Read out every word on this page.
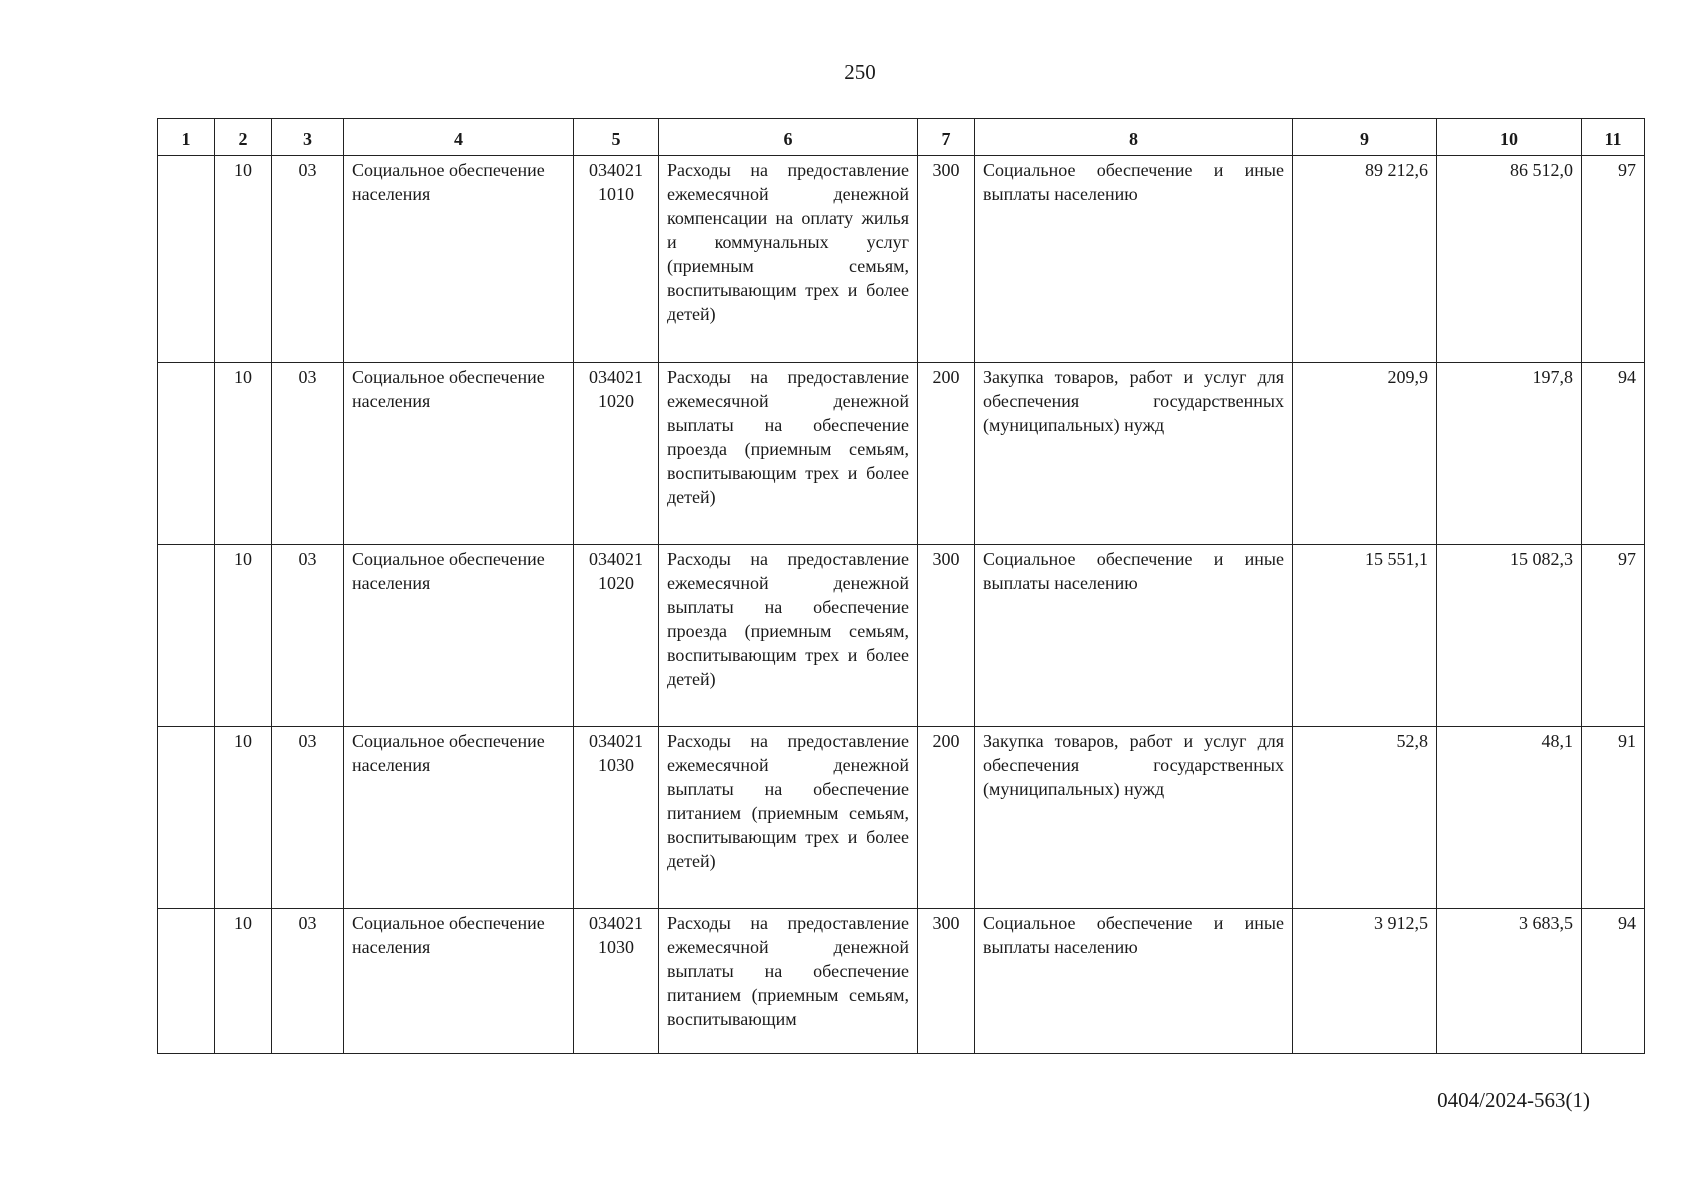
250
1	2	3	4	5	6	7	8	9	10	11
	10	03	Социальное обеспечение населения	034021 1010	Расходы на предоставление ежемесячной денежной компенсации на оплату жилья и коммунальных услуг (приемным семьям, воспитывающим трех и более детей)	300	Социальное обеспечение и иные выплаты населению	89 212,6	86 512,0	97
	10	03	Социальное обеспечение населения	034021 1020	Расходы на предоставление ежемесячной денежной выплаты на обеспечение проезда (приемным семьям, воспитывающим трех и более детей)	200	Закупка товаров, работ и услуг для обеспечения государственных (муниципальных) нужд	209,9	197,8	94
	10	03	Социальное обеспечение населения	034021 1020	Расходы на предоставление ежемесячной денежной выплаты на обеспечение проезда (приемным семьям, воспитывающим трех и более детей)	300	Социальное обеспечение и иные выплаты населению	15 551,1	15 082,3	97
	10	03	Социальное обеспечение населения	034021 1030	Расходы на предоставление ежемесячной денежной выплаты на обеспечение питанием (приемным семьям, воспитывающим трех и более детей)	200	Закупка товаров, работ и услуг для обеспечения государственных (муниципальных) нужд	52,8	48,1	91
	10	03	Социальное обеспечение населения	034021 1030	Расходы на предоставление ежемесячной денежной выплаты на обеспечение питанием (приемным семьям, воспитывающим	300	Социальное обеспечение и иные выплаты населению	3 912,5	3 683,5	94
0404/2024-563(1)
